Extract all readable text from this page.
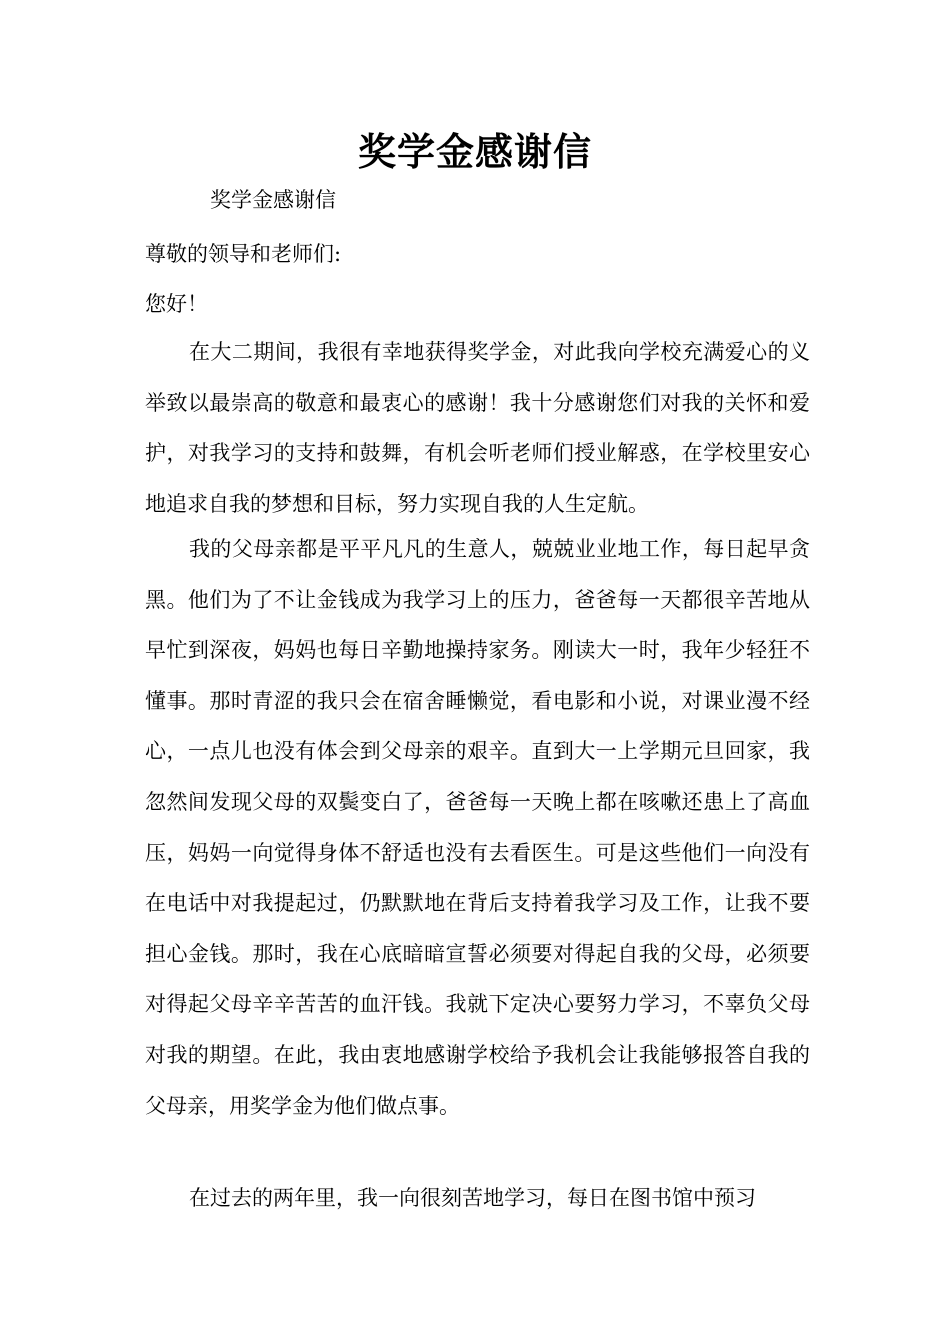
奖学金感谢信

奖学金感谢信

尊敬的领导和老师们:

您好！

在大二期间，我很有幸地获得奖学金，对此我向学校充满爱心的义举致以最崇高的敬意和最衷心的感谢！我十分感谢您们对我的关怀和爱护，对我学习的支持和鼓舞，有机会听老师们授业解惑，在学校里安心地追求自我的梦想和目标，努力实现自我的人生定航。

我的父母亲都是平平凡凡的生意人，兢兢业业地工作，每日起早贪黑。他们为了不让金钱成为我学习上的压力，爸爸每一天都很辛苦地从早忙到深夜，妈妈也每日辛勤地操持家务。刚读大一时，我年少轻狂不懂事。那时青涩的我只会在宿舍睡懒觉，看电影和小说，对课业漫不经心，一点儿也没有体会到父母亲的艰辛。直到大一上学期元旦回家，我忽然间发现父母的双鬓变白了，爸爸每一天晚上都在咳嗽还患上了高血压，妈妈一向觉得身体不舒适也没有去看医生。可是这些他们一向没有在电话中对我提起过，仍默默地在背后支持着我学习及工作，让我不要担心金钱。那时，我在心底暗暗宣誓必须要对得起自我的父母，必须要对得起父母辛辛苦苦的血汗钱。我就下定决心要努力学习，不辜负父母对我的期望。在此，我由衷地感谢学校给予我机会让我能够报答自我的父母亲，用奖学金为他们做点事。

在过去的两年里，我一向很刻苦地学习，每日在图书馆中预习
